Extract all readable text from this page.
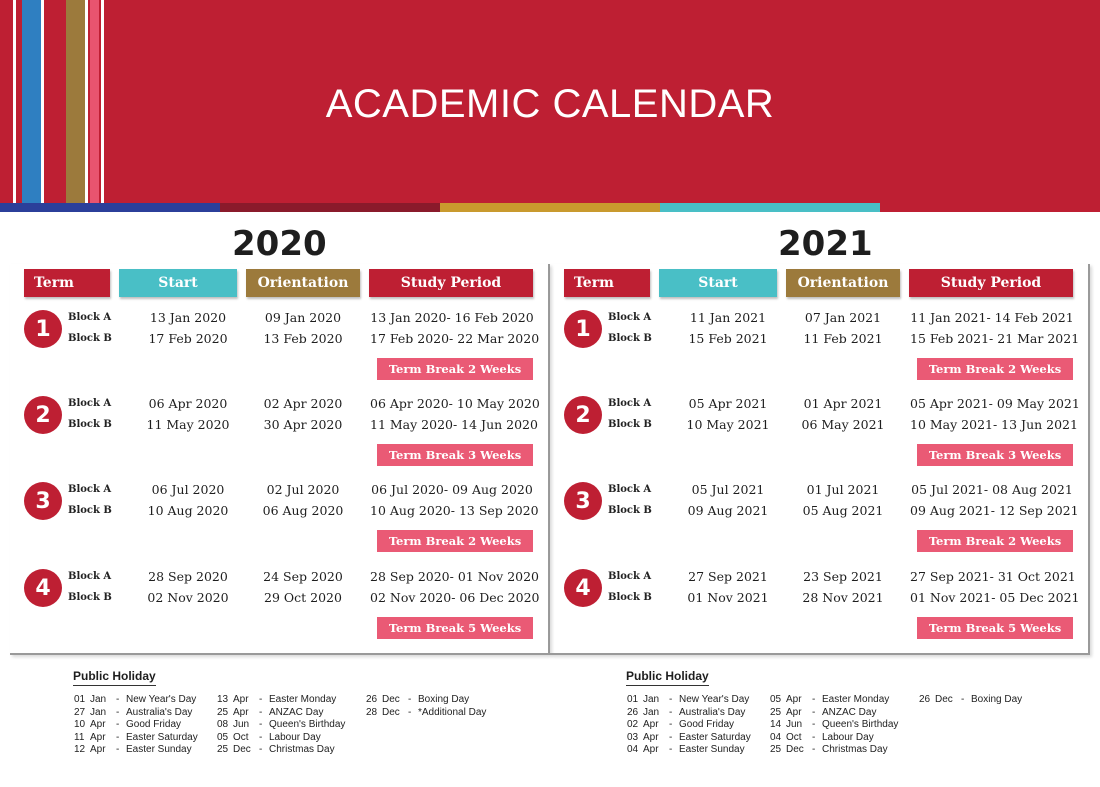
ACADEMIC CALENDAR
2020
Term	Start	Orientation	Study Period
1	Block A	13 Jan 2020	09 Jan 2020	13 Jan 2020- 16 Feb 2020
Block B	17 Feb 2020	13 Feb 2020	17 Feb 2020- 22 Mar 2020
Term Break 2 Weeks
2	Block A	06 Apr 2020	02 Apr 2020	06 Apr 2020- 10 May 2020
Block B	11 May 2020	30 Apr 2020	11 May 2020- 14 Jun 2020
Term Break 3 Weeks
3	Block A	06 Jul 2020	02 Jul 2020	06 Jul 2020- 09 Aug 2020
Block B	10 Aug 2020	06 Aug 2020	10 Aug 2020- 13 Sep 2020
Term Break 2 Weeks
4	Block A	28 Sep 2020	24 Sep 2020	28 Sep 2020- 01 Nov 2020
Block B	02 Nov 2020	29 Oct 2020	02 Nov 2020- 06 Dec 2020
Term Break 5 Weeks
2021
Term	Start	Orientation	Study Period
1	Block A	11 Jan 2021	07 Jan 2021	11 Jan 2021- 14 Feb 2021
Block B	15 Feb 2021	11 Feb 2021	15 Feb 2021- 21 Mar 2021
Term Break 2 Weeks
2	Block A	05 Apr 2021	01 Apr 2021	05 Apr 2021- 09 May 2021
Block B	10 May 2021	06 May 2021	10 May 2021- 13 Jun 2021
Term Break 3 Weeks
3	Block A	05 Jul 2021	01 Jul 2021	05 Jul 2021- 08 Aug 2021
Block B	09 Aug 2021	05 Aug 2021	09 Aug 2021- 12 Sep 2021
Term Break 2 Weeks
4	Block A	27 Sep 2021	23 Sep 2021	27 Sep 2021- 31 Oct 2021
Block B	01 Nov 2021	28 Nov 2021	01 Nov 2021- 05 Dec 2021
Term Break 5 Weeks
Public Holiday
01 Jan - New Year's Day
27 Jan - Australia's Day
10 Apr - Good Friday
11 Apr - Easter Saturday
12 Apr - Easter Sunday
13 Apr - Easter Monday
25 Apr - ANZAC Day
08 Jun - Queen's Birthday
05 Oct - Labour Day
25 Dec - Christmas Day
26 Dec - Boxing Day
28 Dec - *Additional Day
Public Holiday
01 Jan - New Year's Day
26 Jan - Australia's Day
02 Apr - Good Friday
03 Apr - Easter Saturday
04 Apr - Easter Sunday
05 Apr - Easter Monday
25 Apr - ANZAC Day
14 Jun - Queen's Birthday
04 Oct - Labour Day
25 Dec - Christmas Day
26 Dec - Boxing Day
